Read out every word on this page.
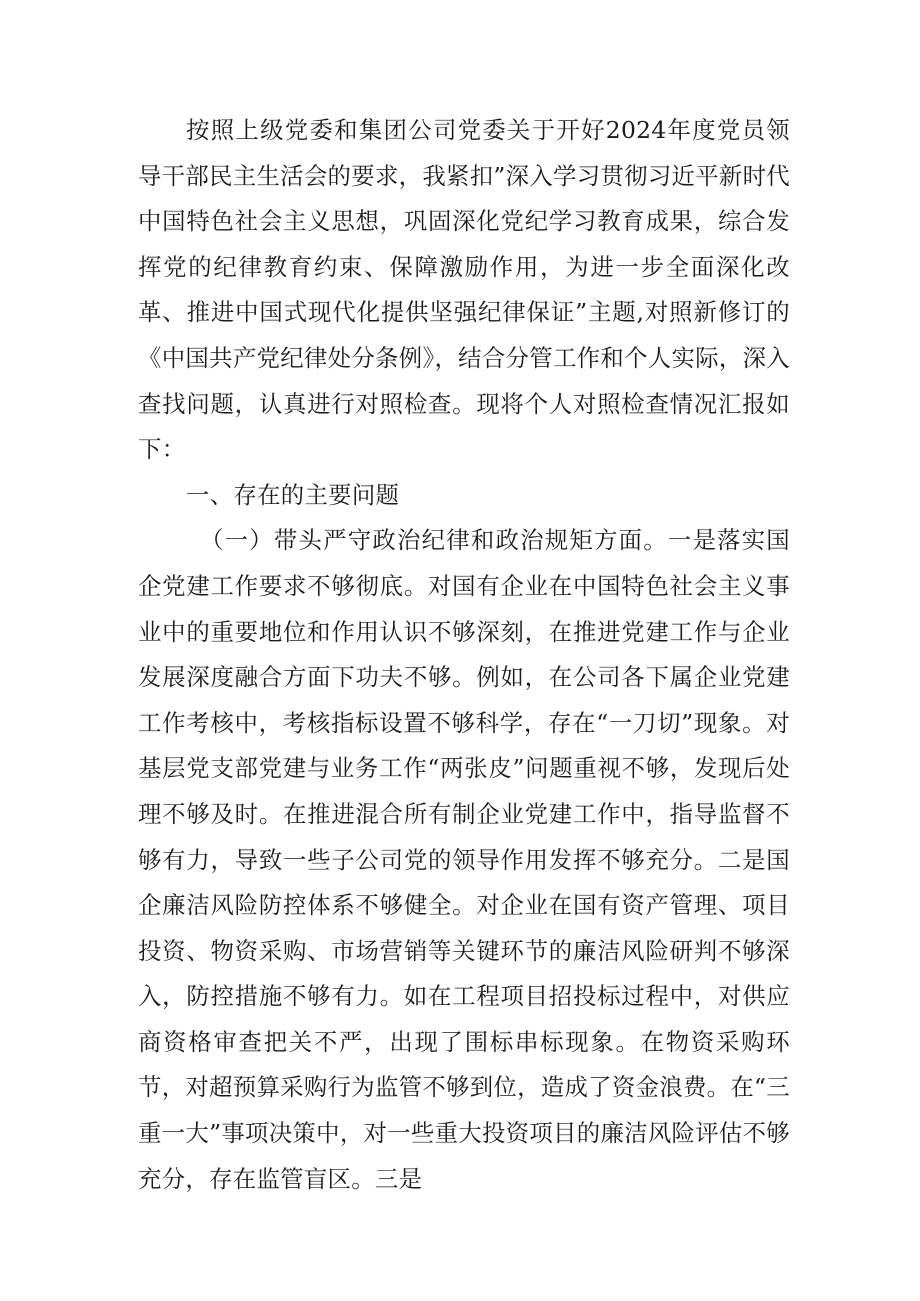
按照上级党委和集团公司党委关于开好2024年度党员领导干部民主生活会的要求，我紧扣”深入学习贯彻习近平新时代中国特色社会主义思想，巩固深化党纪学习教育成果，综合发挥党的纪律教育约束、保障激励作用，为进一步全面深化改革、推进中国式现代化提供坚强纪律保证”主题,对照新修订的《中国共产党纪律处分条例》，结合分管工作和个人实际，深入查找问题，认真进行对照检查。现将个人对照检查情况汇报如下：

一、存在的主要问题

（一）带头严守政治纪律和政治规矩方面。一是落实国企党建工作要求不够彻底。对国有企业在中国特色社会主义事业中的重要地位和作用认识不够深刻，在推进党建工作与企业发展深度融合方面下功夫不够。例如，在公司各下属企业党建工作考核中，考核指标设置不够科学，存在“一刀切”现象。对基层党支部党建与业务工作“两张皮”问题重视不够，发现后处理不够及时。在推进混合所有制企业党建工作中，指导监督不够有力，导致一些子公司党的领导作用发挥不够充分。二是国企廉洁风险防控体系不够健全。对企业在国有资产管理、项目投资、物资采购、市场营销等关键环节的廉洁风险研判不够深入，防控措施不够有力。如在工程项目招投标过程中，对供应商资格审查把关不严，出现了围标串标现象。在物资采购环节，对超预算采购行为监管不够到位，造成了资金浪费。在“三重一大”事项决策中，对一些重大投资项目的廉洁风险评估不够充分，存在监管盲区。三是
